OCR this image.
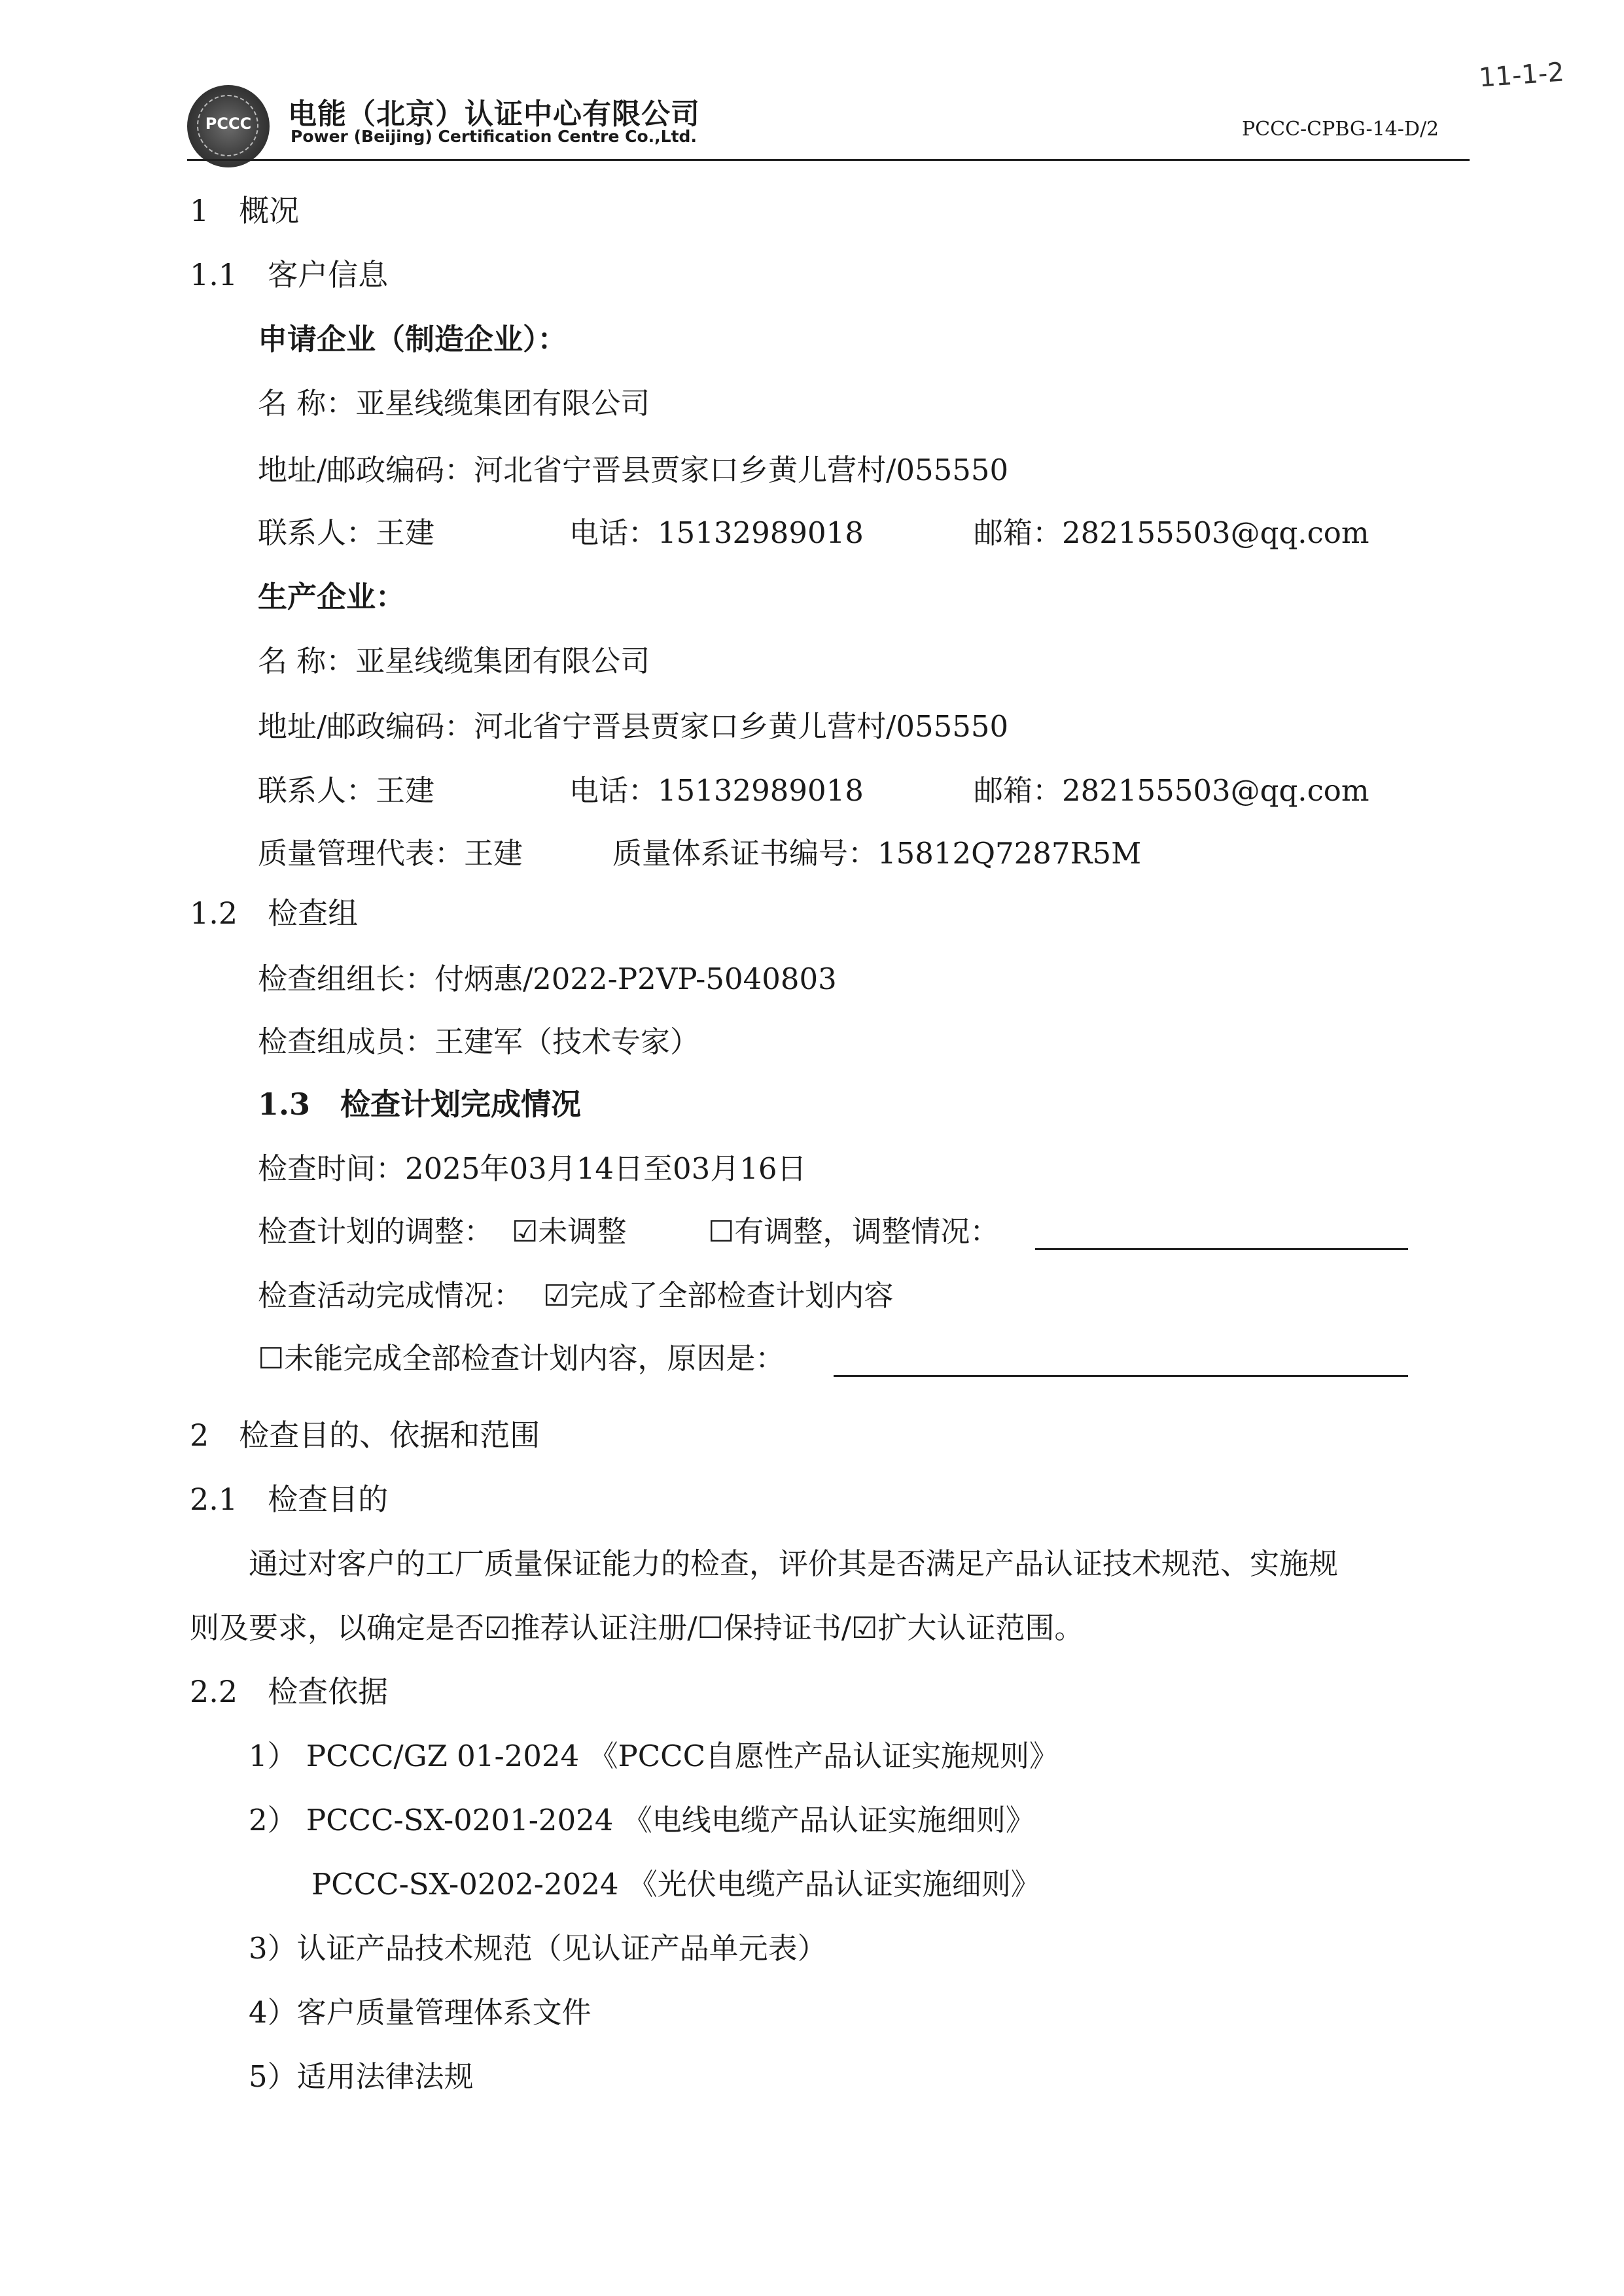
PCCC	电能（北京）认证中心有限公司
Power (Beijing) Certification Centre Co.,Ltd.	PCCC-CPBG-14-D/2
11-1-2
1　概况
1.1　客户信息
申请企业（制造企业）：
名 称：亚星线缆集团有限公司
地址/邮政编码：河北省宁晋县贾家口乡黄儿营村/055550
联系人：王建	电话：15132989018	邮箱：282155503@qq.com
生产企业：
名 称：亚星线缆集团有限公司
地址/邮政编码：河北省宁晋县贾家口乡黄儿营村/055550
联系人：王建	电话：15132989018	邮箱：282155503@qq.com
质量管理代表：王建	质量体系证书编号：15812Q7287R5M
1.2　检查组
检查组组长：付炳惠/2022-P2VP-5040803
检查组成员：王建军（技术专家）
1.3　检查计划完成情况
检查时间：2025年03月14日至03月16日
检查计划的调整： ☑未调整	☐有调整，调整情况：
检查活动完成情况： ☑完成了全部检查计划内容
☐未能完成全部检查计划内容，原因是：
2　检查目的、依据和范围
2.1　检查目的
通过对客户的工厂质量保证能力的检查，评价其是否满足产品认证技术规范、实施规
则及要求，以确定是否☑推荐认证注册/☐保持证书/☑扩大认证范围。
2.2　检查依据
1） PCCC/GZ 01-2024 《PCCC自愿性产品认证实施规则》
2） PCCC-SX-0201-2024 《电线电缆产品认证实施细则》
PCCC-SX-0202-2024 《光伏电缆产品认证实施细则》
3）认证产品技术规范（见认证产品单元表）
4）客户质量管理体系文件
5）适用法律法规
